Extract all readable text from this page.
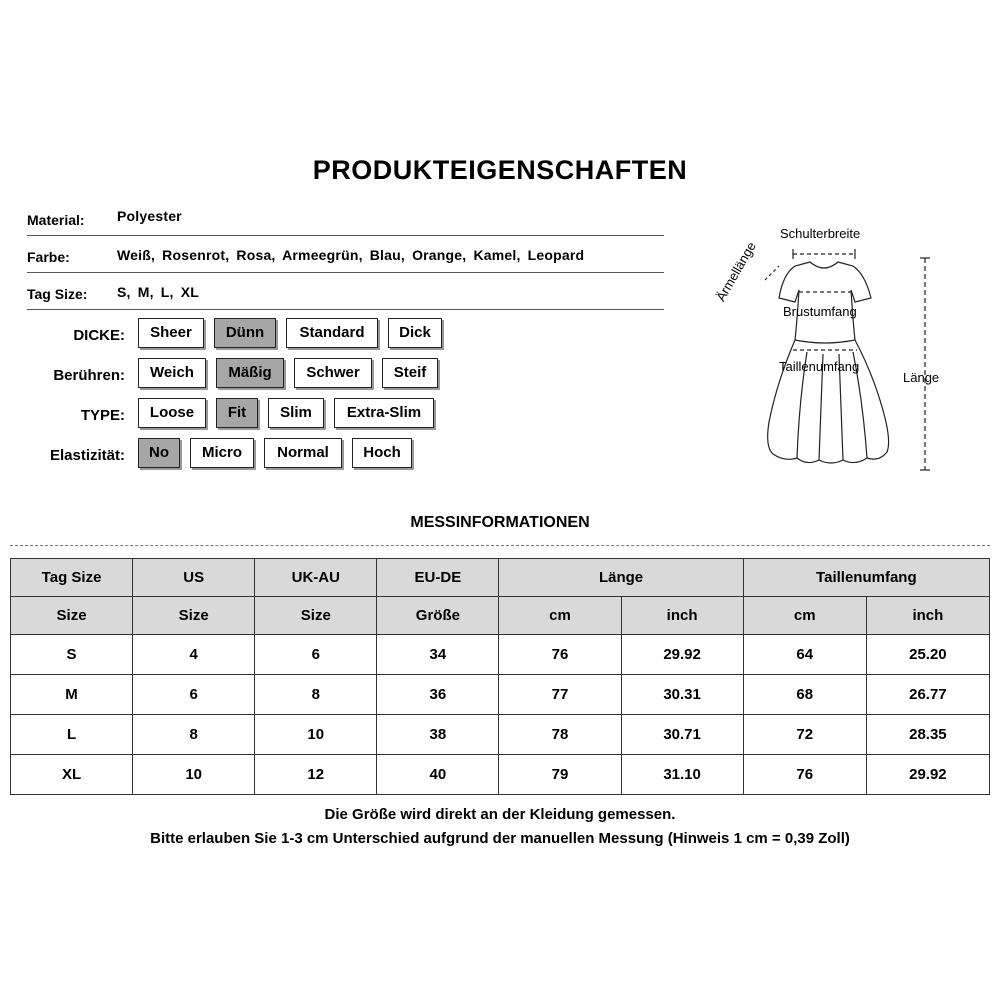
PRODUKTEIGENSCHAFTEN
Material: Polyester
Farbe:	Weiß, Rosenrot, Rosa, Armeegrün, Blau, Orange, Kamel, Leopard
Tag Size: S, M, L, XL
DICKE:	Sheer	Dünn	Standard	Dick
Berühren:	Weich	Mäßig	Schwer	Steif
TYPE:	Loose	Fit	Slim	Extra-Slim
Elastizität:	No	Micro	Normal	Hoch
Schulterbreite
Ärmellänge
Brustumfang
Taillenumfang
Länge
MESSINFORMATIONEN
Tag Size	US	UK-AU	EU-DE	Länge		Taillenumfang	
Size	Size	Size	Größe	cm	inch	cm	inch
S	4	6	34	76	29.92	64	25.20
M	6	8	36	77	30.31	68	26.77
L	8	10	38	78	30.71	72	28.35
XL	10	12	40	79	31.10	76	29.92
Die Größe wird direkt an der Kleidung gemessen.
Bitte erlauben Sie 1-3 cm Unterschied aufgrund der manuellen Messung (Hinweis 1 cm = 0,39 Zoll)
